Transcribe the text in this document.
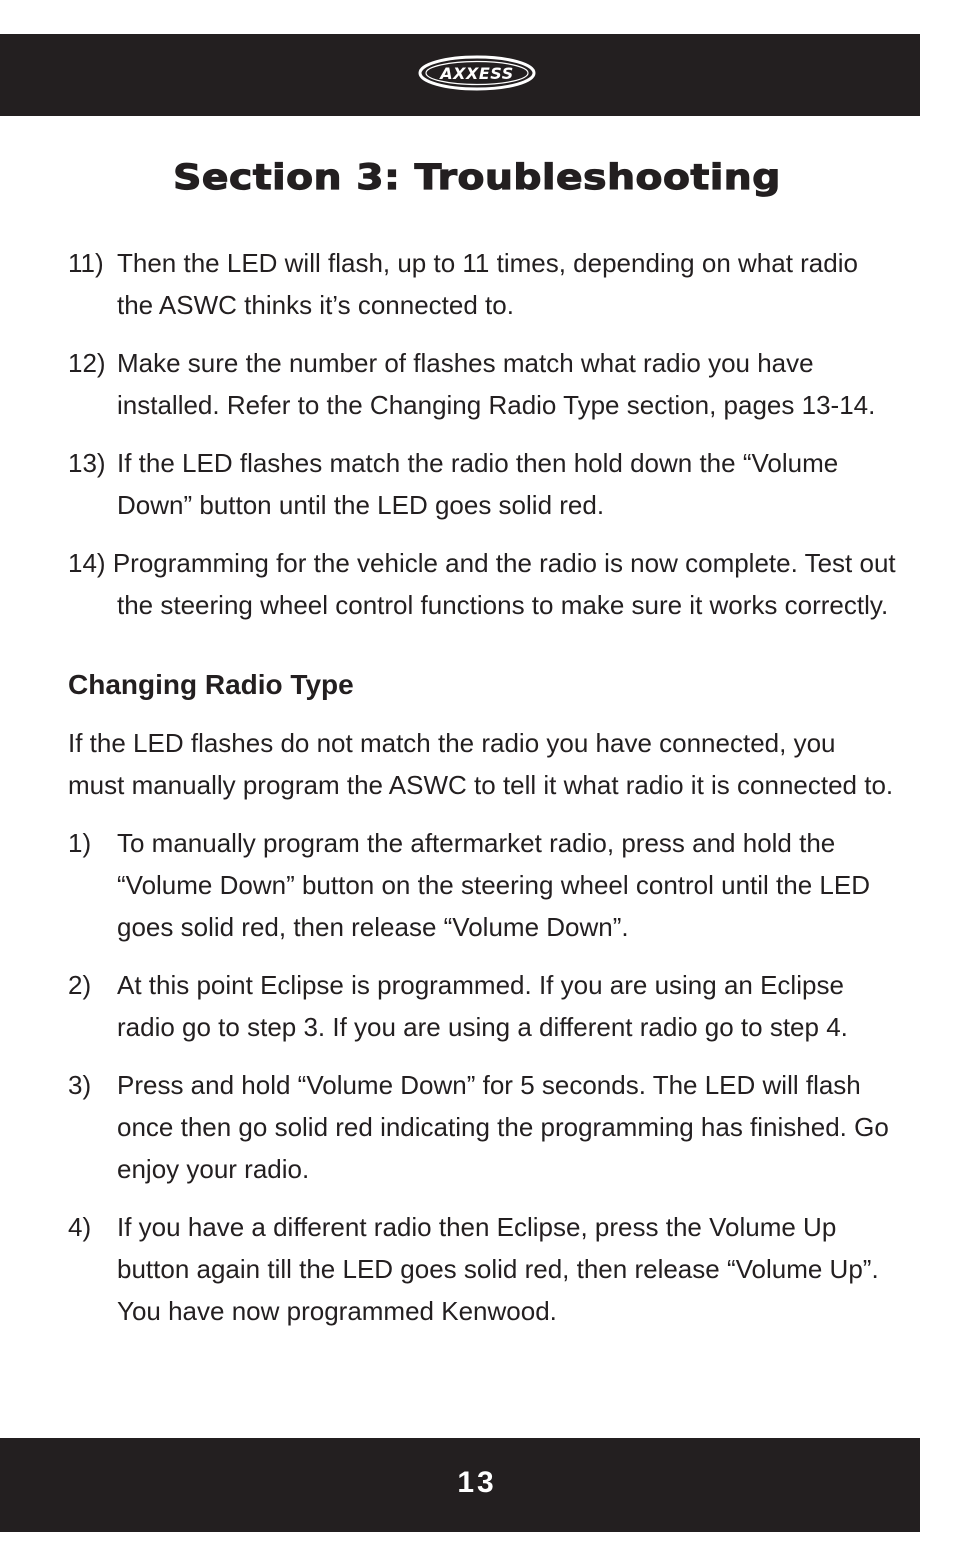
AXXESS
Section 3: Troubleshooting
11) Then the LED will flash, up to 11 times, depending on what radio the ASWC thinks it’s connected to.
12) Make sure the number of flashes match what radio you have installed. Refer to the Changing Radio Type section, pages 13-14.
13) If the LED flashes match the radio then hold down the “Volume Down” button until the LED goes solid red.
14) Programming for the vehicle and the radio is now complete. Test out
the steering wheel control functions to make sure it works correctly.
Changing Radio Type
If the LED flashes do not match the radio you have connected, you must manually program the ASWC to tell it what radio it is connected to.
1) To manually program the aftermarket radio, press and hold the “Volume Down” button on the steering wheel control until the LED goes solid red, then release “Volume Down”.
2) At this point Eclipse is programmed. If you are using an Eclipse radio go to step 3. If you are using a different radio go to step 4.
3) Press and hold “Volume Down” for 5 seconds. The LED will flash once then go solid red indicating the programming has finished. Go enjoy your radio.
4) If you have a different radio then Eclipse, press the Volume Up button again till the LED goes solid red, then release “Volume Up”. You have now programmed Kenwood.
13
